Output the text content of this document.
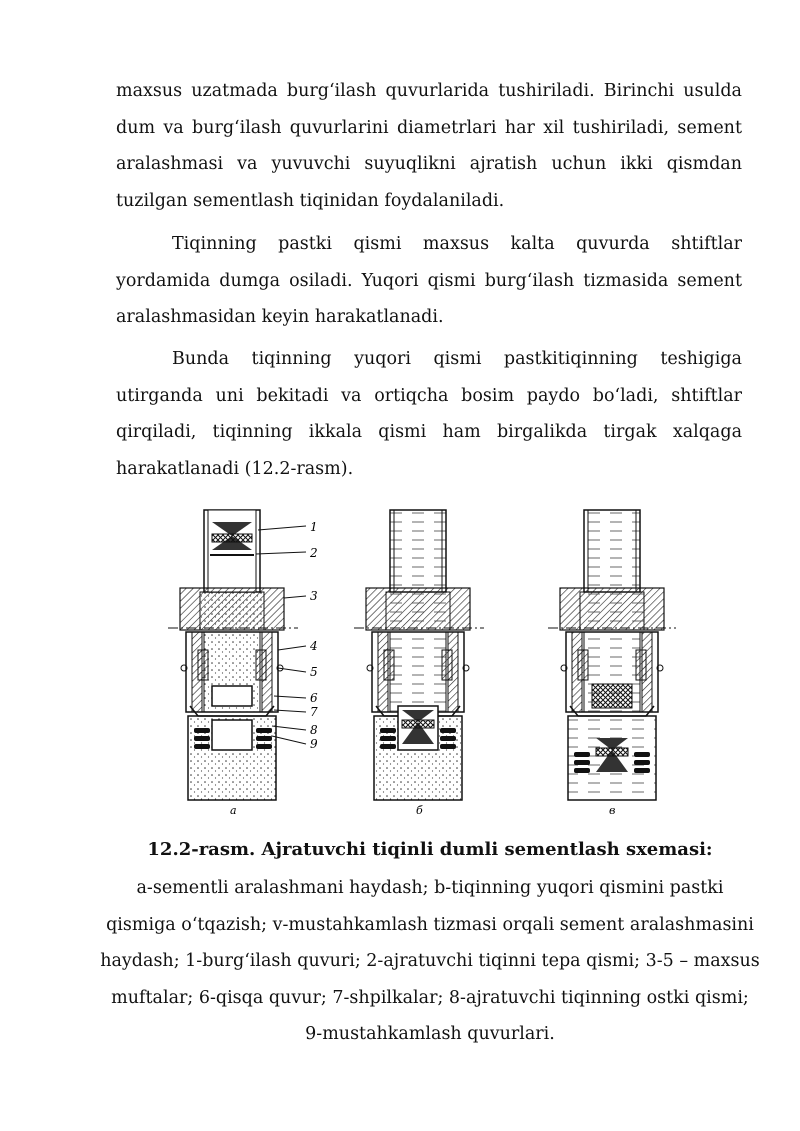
maxsus uzatmada burg‘ilash quvurlarida tushiriladi. Birinchi usulda dum va burg‘ilash quvurlarini diametrlari har xil tushiriladi, sement aralashmasi va yuvuvchi suyuqlikni ajratish uchun ikki qismdan tuzilgan sementlash tiqinidan foydalaniladi.
Tiqinning pastki qismi maxsus kalta quvurda shtiftlar yordamida dumga osiladi. Yuqori qismi burg‘ilash tizmasida sement aralashmasidan keyin harakatlanadi.
Bunda tiqinning yuqori qismi pastkitiqinning teshigiga utirganda uni bekitadi va ortiqcha bosim paydo bo‘ladi, shtiftlar qirqiladi, tiqinning ikkala qismi ham birgalikda tirgak xalqaga harakatlanadi (12.2-rasm).
1
2
3
4
5
6
7
8
9
a	б	в
12.2-rasm. Ajratuvchi tiqinli dumli sementlash sxemasi:
a-sementli aralashmani haydash; b-tiqinning yuqori qismini pastki qismiga o‘tqazish; v-mustahkamlash tizmasi orqali sement aralashmasini haydash; 1-burg‘ilash quvuri; 2-ajratuvchi tiqinni tepa qismi; 3-5 – maxsus muftalar; 6-qisqa quvur; 7-shpilkalar; 8-ajratuvchi tiqinning ostki qismi; 9-mustahkamlash quvurlari.
